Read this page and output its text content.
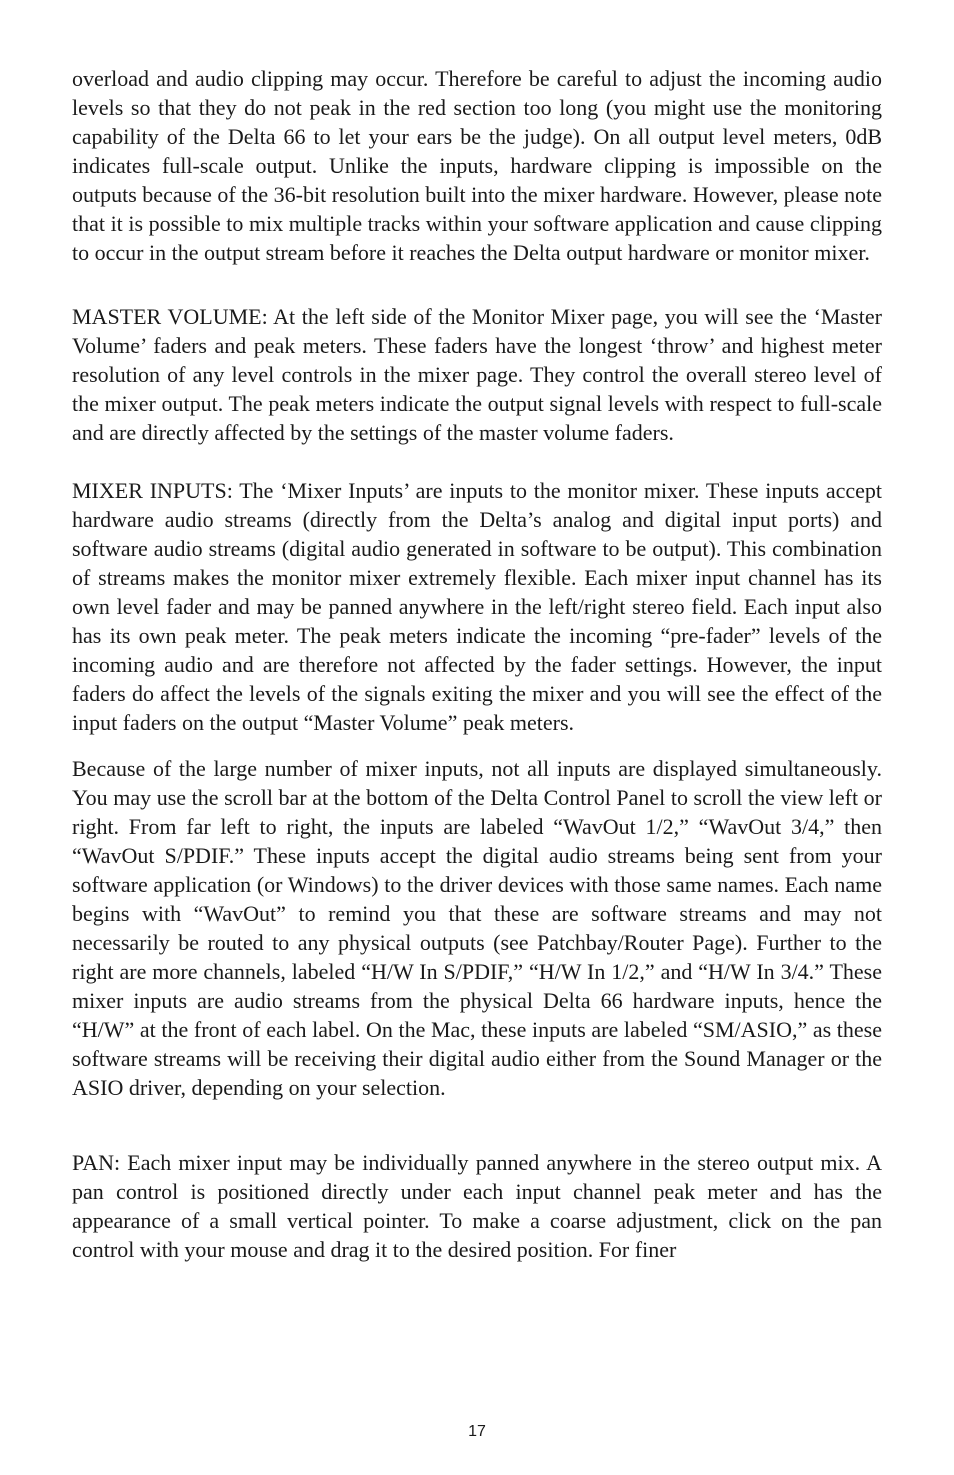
overload and audio clipping may occur. Therefore be careful to adjust the incoming audio levels so that they do not peak in the red section too long (you might use the monitoring capability of the Delta 66 to let your ears be the judge). On all output level meters, 0dB indicates full-scale output. Unlike the inputs, hardware clipping is impossible on the outputs because of the 36-bit resolution built into the mixer hardware. However, please note that it is possible to mix multiple tracks within your software application and cause clipping to occur in the output stream before it reaches the Delta output hardware or monitor mixer.

MASTER VOLUME: At the left side of the Monitor Mixer page, you will see the ‘Master Volume’ faders and peak meters. These faders have the longest ‘throw’ and highest meter resolution of any level controls in the mixer page. They control the overall stereo level of the mixer output. The peak meters indicate the output signal levels with respect to full-scale and are directly affected by the settings of the master volume faders.

MIXER INPUTS: The ‘Mixer Inputs’ are inputs to the monitor mixer. These inputs accept hardware audio streams (directly from the Delta’s analog and digital input ports) and software audio streams (digital audio generated in software to be output). This combination of streams makes the monitor mixer extremely flexible. Each mixer input channel has its own level fader and may be panned anywhere in the left/right stereo field. Each input also has its own peak meter. The peak meters indicate the incoming “pre-fader” levels of the incoming audio and are therefore not affected by the fader settings. However, the input faders do affect the levels of the signals exiting the mixer and you will see the effect of the input faders on the output “Master Volume” peak meters.

Because of the large number of mixer inputs, not all inputs are displayed simultaneously. You may use the scroll bar at the bottom of the Delta Control Panel to scroll the view left or right. From far left to right, the inputs are labeled “WavOut 1/2,” “WavOut 3/4,” then “WavOut S/PDIF.” These inputs accept the digital audio streams being sent from your software application (or Windows) to the driver devices with those same names. Each name begins with “WavOut” to remind you that these are software streams and may not necessarily be routed to any physical outputs (see Patchbay/Router Page). Further to the right are more channels, labeled “H/W In S/PDIF,” “H/W In 1/2,” and “H/W In 3/4.” These mixer inputs are audio streams from the physical Delta 66 hardware inputs, hence the “H/W” at the front of each label. On the Mac, these inputs are labeled “SM/ASIO,” as these software streams will be receiving their digital audio either from the Sound Manager or the ASIO driver, depending on your selection.

PAN: Each mixer input may be individually panned anywhere in the stereo output mix. A pan control is positioned directly under each input channel peak meter and has the appearance of a small vertical pointer. To make a coarse adjustment, click on the pan control with your mouse and drag it to the desired position. For finer

17
